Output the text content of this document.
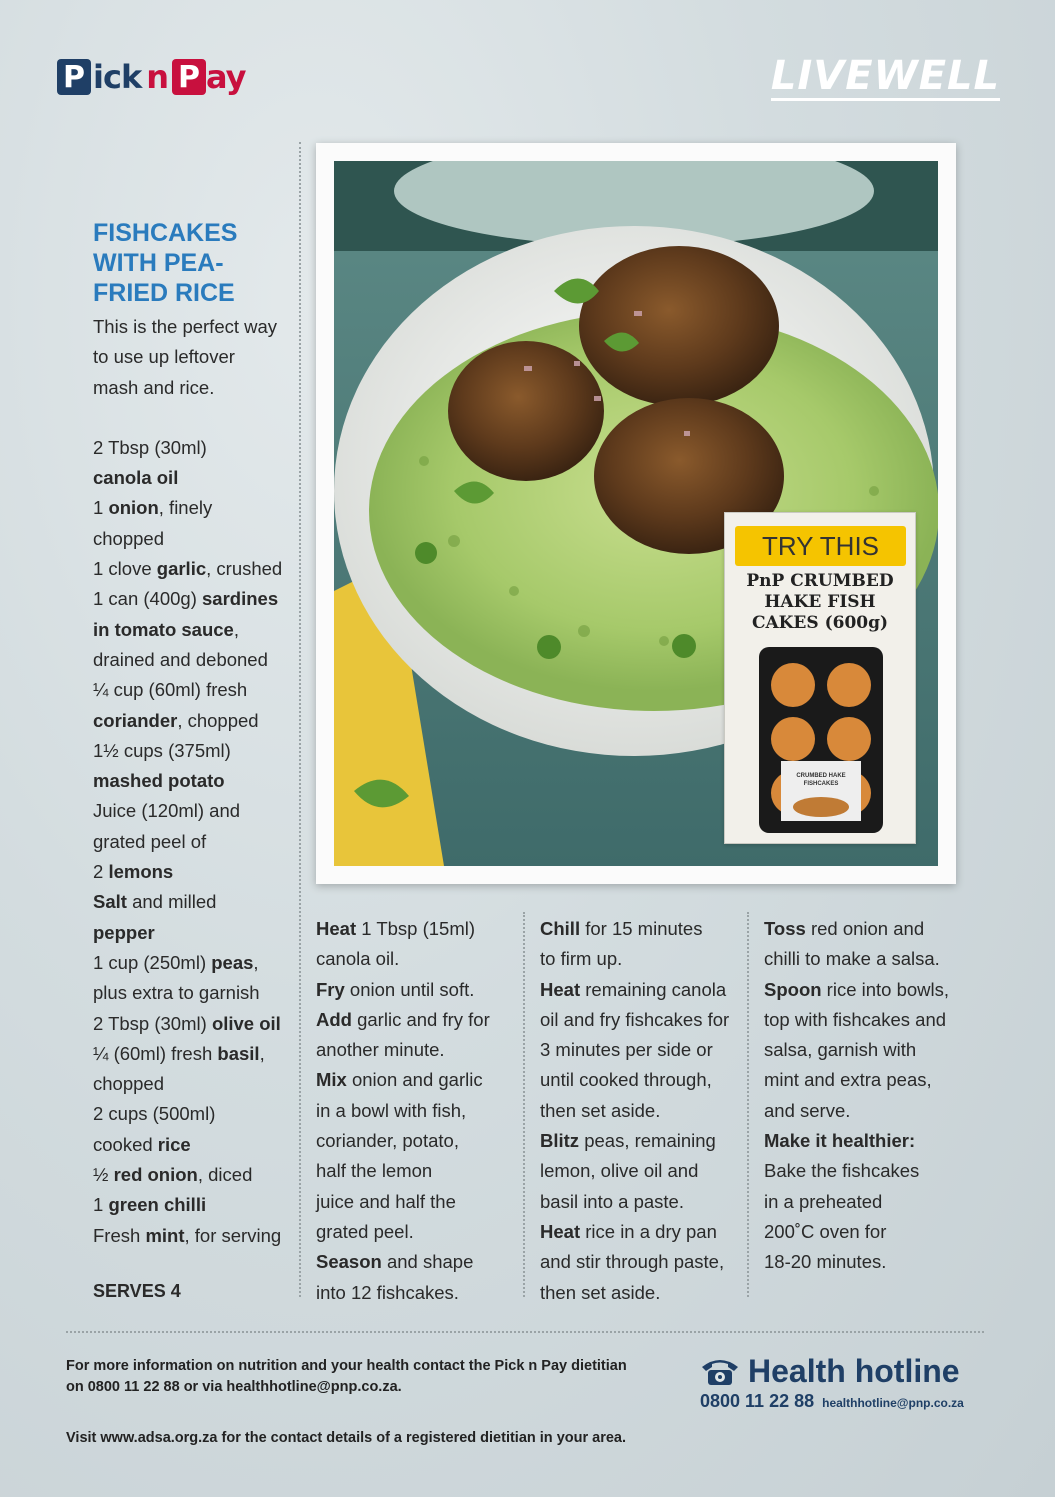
P ick n P ay	LIVEWELL
FISHCAKES
WITH PEA-
FRIED RICE
This is the perfect way
to use up leftover
mash and rice.
2 Tbsp (30ml)
canola oil
1 onion, finely
chopped
1 clove garlic, crushed
1 can (400g) sardines
in tomato sauce,
drained and deboned
¼ cup (60ml) fresh
coriander, chopped
1½ cups (375ml)
mashed potato
Juice (120ml) and
grated peel of
2 lemons
Salt and milled
pepper
1 cup (250ml) peas,
plus extra to garnish
2 Tbsp (30ml) olive oil
¼ (60ml) fresh basil,
chopped
2 cups (500ml)
cooked rice
½ red onion, diced
1 green chilli
Fresh mint, for serving
SERVES 4
TRY THIS
PnP CRUMBED
HAKE FISH
CAKES (600g)
CRUMBED HAKE
FISHCAKES

Heat 1 Tbsp (15ml)

canola oil.

Fry onion until soft.

Add garlic and fry for

another minute.

Mix onion and garlic

in a bowl with fish,

coriander, potato,

half the lemon

juice and half the

grated peel.

Season and shape

into 12 fishcakes.

Chill for 15 minutes

to firm up.

Heat remaining canola

oil and fry fishcakes for

3 minutes per side or

until cooked through,

then set aside.

Blitz peas, remaining

lemon, olive oil and

basil into a paste.

Heat rice in a dry pan

and stir through paste,

then set aside.

Toss red onion and

chilli to make a salsa.

Spoon rice into bowls,

top with fishcakes and

salsa, garnish with

mint and extra peas,

and serve.

Make it healthier:

Bake the fishcakes

in a preheated

200˚C oven for

18-20 minutes.

For more information on nutrition and your health contact the Pick n Pay dietitian
on 0800 11 22 88 or via healthhotline@pnp.co.za.
Visit www.adsa.org.za for the contact details of a registered dietitian in your area.
Health hotline
0800 11 22 88 healthhotline@pnp.co.za
